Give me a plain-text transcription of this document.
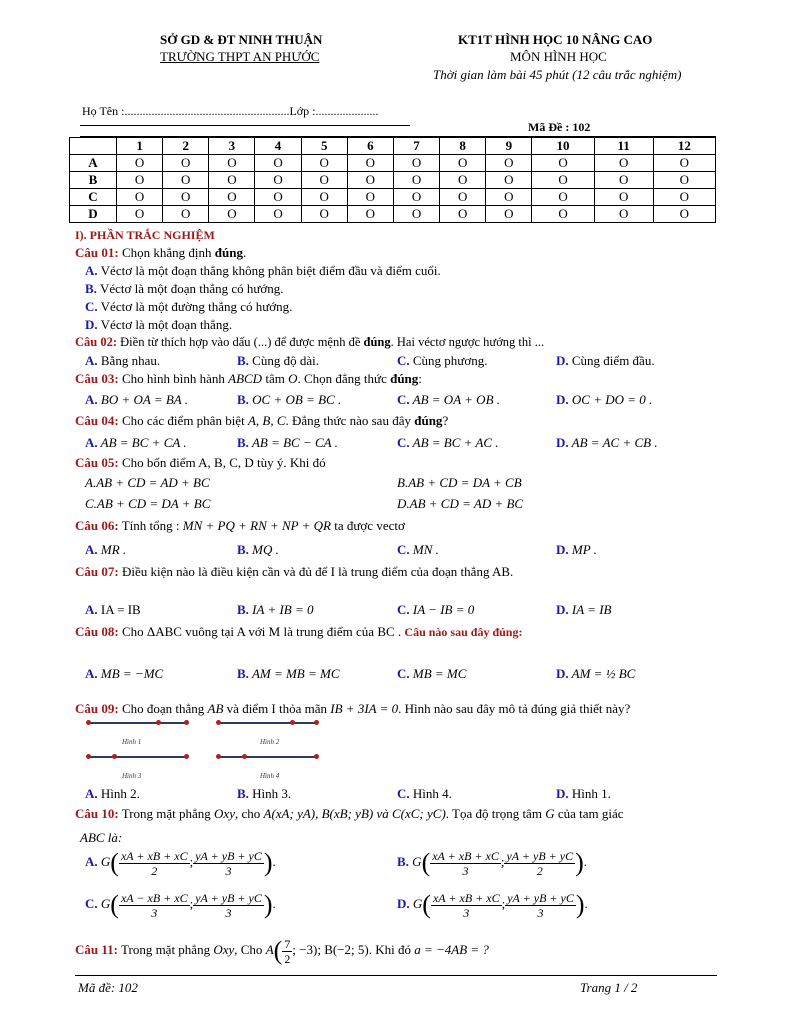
SỞ GD & ĐT NINH THUẬN
TRƯỜNG THPT AN PHƯỚC
KT1T HÌNH HỌC 10 NÂNG CAO
MÔN HÌNH HỌC
Thời gian làm bài 45 phút (12 câu trắc nghiệm)
Họ Tên :.......................................................Lớp :.....................
Mã Đề : 102
	1	2	3	4	5	6	7	8	9	10	11	12
A	O	O	O	O	O	O	O	O	O	O	O	O
B	O	O	O	O	O	O	O	O	O	O	O	O
C	O	O	O	O	O	O	O	O	O	O	O	O
D	O	O	O	O	O	O	O	O	O	O	O	O
I). PHẦN TRẮC NGHIỆM
Câu 01: Chọn khẳng định đúng.
A. Véctơ là một đoạn thẳng không phân biệt điểm đầu và điểm cuối.
B. Véctơ là một đoạn thẳng có hướng.
C. Véctơ là một đường thẳng có hướng.
D. Véctơ là một đoạn thẳng.
Câu 02: Điền từ thích hợp vào dấu (...) để được mệnh đề đúng. Hai véctơ ngược hướng thì ...
A. Bằng nhau.	B. Cùng độ dài.	C. Cùng phương.	D. Cùng điểm đầu.
Câu 03: Cho hình bình hành ABCD tâm O. Chọn đẳng thức đúng:
A. BO + OA = BA .	B. OC + OB = BC .	C. AB = OA + OB .	D. OC + DO = 0 .
Câu 04: Cho các điểm phân biệt A, B, C. Đẳng thức nào sau đây đúng?
A. AB = BC + CA .	B. AB = BC − CA .	C. AB = BC + AC .	D. AB = AC + CB .
Câu 05: Cho bốn điểm A, B, C, D tùy ý. Khi đó
A.AB + CD = AD + BC	B.AB + CD = DA + CB
C.AB + CD = DA + BC	D.AB + CD = AD + BC
Câu 06: Tính tổng : MN + PQ + RN + NP + QR ta được vectơ
A. MR .	B. MQ .	C. MN .	D. MP .
Câu 07: Điều kiện nào là điều kiện cần và đủ để I là trung điểm của đoạn thẳng AB.
A. IA = IB	B. IA + IB = 0	C. IA − IB = 0	D. IA = IB
Câu 08: Cho ΔABC vuông tại A với M là trung điểm của BC . Câu nào sau đây đúng:
A. MB = −MC	B. AM = MB = MC	C. MB = MC	D. AM = ½ BC
Câu 09: Cho đoạn thẳng AB và điểm I thỏa mãn IB + 3IA = 0. Hình nào sau đây mô tả đúng giả thiết này?
Hình 1	Hình 2
Hình 3	Hình 4
A. Hình 2.	B. Hình 3.	C. Hình 4.	D. Hình 1.
Câu 10: Trong mặt phẳng Oxy, cho A(xA; yA), B(xB; yB) và C(xC; yC). Tọa độ trọng tâm G của tam giác
ABC là:
A. $G( \frac{xA + xB + xC}{2}$ ; $\frac{yA + yB + yC}{3}$ ).	B. $G( \frac{xA + xB + xC}{3}$ ; $\frac{yA + yB + yC}{2}$ ).
C. $G( \frac{xA - xB + xC}{3}$ ; $\frac{yA + yB + yC}{3}$ ).	D. $G( \frac{xA + xB + xC}{3}$ ; $\frac{yA + yB + yC}{3}$ ).
Câu 11: Trong mặt phẳng Oxy, Cho $A( \frac{7}{2}$ ; −3); B(−2; 5). Khi đó a = −4AB = ?
Mã đề: 102	Trang 1 / 2
